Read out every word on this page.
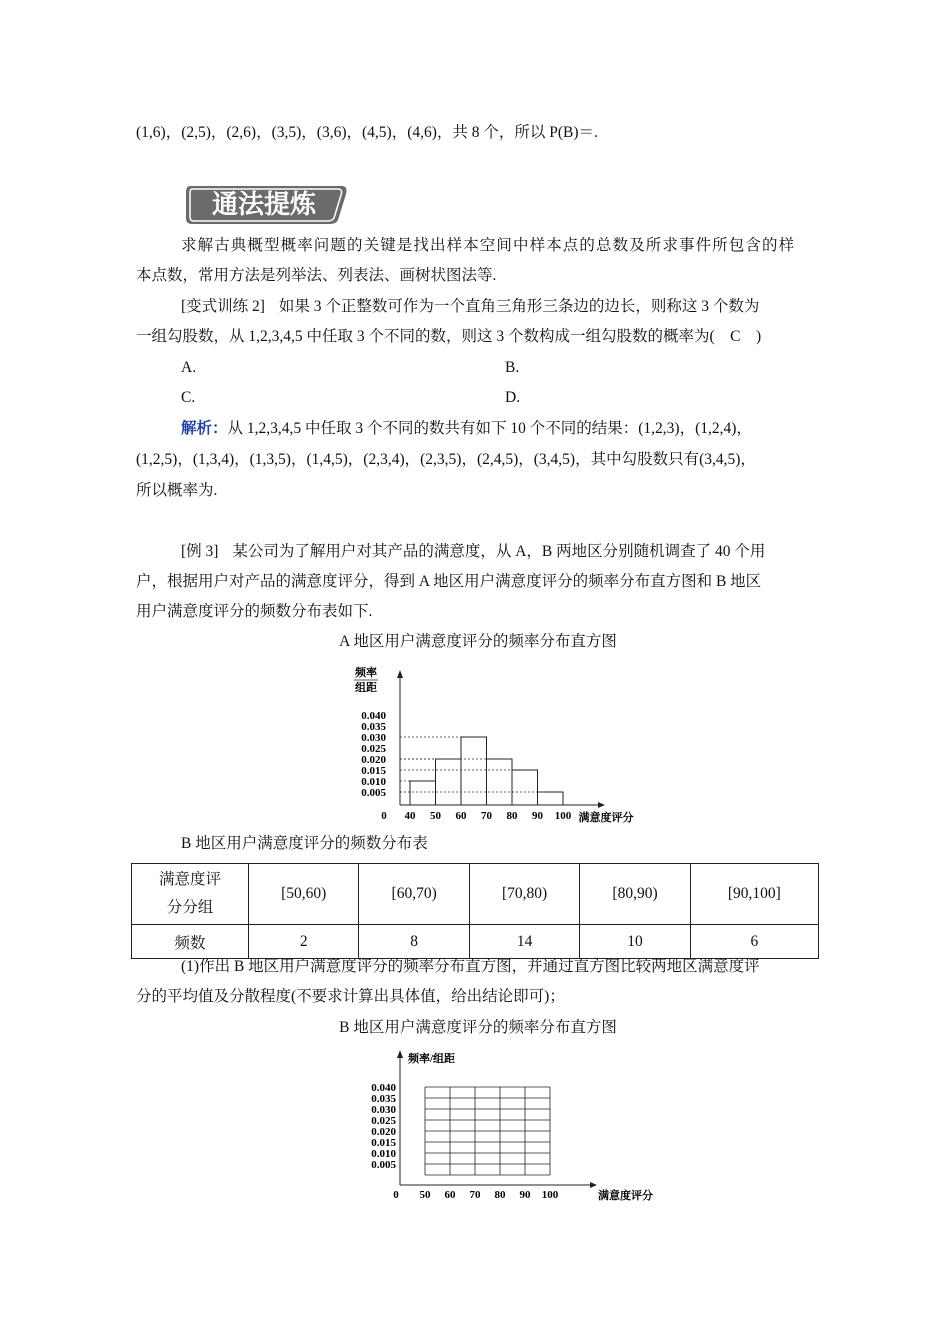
(1,6)，(2,5)，(2,6)，(3,5)，(3,6)，(4,5)，(4,6)，共 8 个，所以 P(B)＝.
通法提炼
求解古典概型概率问题的关键是找出样本空间中样本点的总数及所求事件所包含的样
本点数，常用方法是列举法、列表法、画树状图法等.
[变式训练 2] 如果 3 个正整数可作为一个直角三角形三条边的边长，则称这 3 个数为
一组勾股数，从 1,2,3,4,5 中任取 3 个不同的数，则这 3 个数构成一组勾股数的概率为(　C　)
A.	B.
C.	D.
解析：从 1,2,3,4,5 中任取 3 个不同的数共有如下 10 个不同的结果：(1,2,3)，(1,2,4)，
(1,2,5)，(1,3,4)，(1,3,5)，(1,4,5)，(2,3,4)，(2,3,5)，(2,4,5)，(3,4,5)，其中勾股数只有(3,4,5)，
所以概率为.
[例 3] 某公司为了解用户对其产品的满意度，从 A，B 两地区分别随机调查了 40 个用
户，根据用户对产品的满意度评分，得到 A 地区用户满意度评分的频率分布直方图和 B 地区
用户满意度评分的频数分布表如下.
A 地区用户满意度评分的频率分布直方图
频率
组距
满意度评分
0
0.005
0.010
0.015
0.020
0.025
0.030
0.035
0.040
40 50 60 70 80 90 100
B 地区用户满意度评分的频数分布表
满意度评
分分组	[50,60)	[60,70)	[70,80)	[80,90)	[90,100]
频数	2	8	14	10	6
(1)作出 B 地区用户满意度评分的频率分布直方图，并通过直方图比较两地区满意度评
分的平均值及分散程度(不要求计算出具体值，给出结论即可)；
B 地区用户满意度评分的频率分布直方图
频率/组距
满意度评分
0
0.005
0.010
0.015
0.020
0.025
0.030
0.035
0.040
50 60 70 80 90 100
